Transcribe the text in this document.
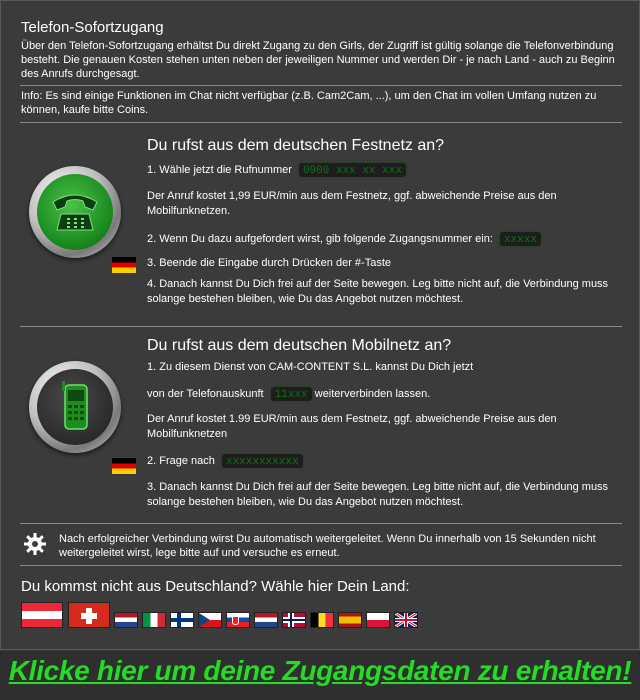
Telefon-Sofortzugang
Über den Telefon-Sofortzugang erhältst Du direkt Zugang zu den Girls, der Zugriff ist gültig solange die Telefonverbindung besteht. Die genauen Kosten stehen unten neben der jeweiligen Nummer und werden Dir - je nach Land - auch zu Beginn des Anrufs durchgesagt.
Info: Es sind einige Funktionen im Chat nicht verfügbar (z.B. Cam2Cam, ...), um den Chat im vollen Umfang nutzen zu können, kaufe bitte Coins.
Du rufst aus dem deutschen Festnetz an?
1. Wähle jetzt die Rufnummer 0900 xxx xx xxx
Der Anruf kostet 1,99 EUR/min aus dem Festnetz, ggf. abweichende Preise aus den Mobilfunknetzen.
2. Wenn Du dazu aufgefordert wirst, gib folgende Zugangsnummer ein: xxxxx
3. Beende die Eingabe durch Drücken der #-Taste
4. Danach kannst Du Dich frei auf der Seite bewegen. Leg bitte nicht auf, die Verbindung muss solange bestehen bleiben, wie Du das Angebot nutzen möchtest.
Du rufst aus dem deutschen Mobilnetz an?
1. Zu diesem Dienst von CAM-CONTENT S.L. kannst Du Dich jetzt
von der Telefonauskunft 11xxx weiterverbinden lassen.
Der Anruf kostet 1.99 EUR/min aus dem Festnetz, ggf. abweichende Preise aus den Mobilfunknetzen
2. Frage nach xxxxxxxxxxx
3. Danach kannst Du Dich frei auf der Seite bewegen. Leg bitte nicht auf, die Verbindung muss solange bestehen bleiben, wie Du das Angebot nutzen möchtest.
Nach erfolgreicher Verbindung wirst Du automatisch weitergeleitet. Wenn Du innerhalb von 15 Sekunden nicht weitergeleitet wirst, lege bitte auf und versuche es erneut.
Du kommst nicht aus Deutschland? Wähle hier Dein Land:
Klicke hier um deine Zugangsdaten zu erhalten!
